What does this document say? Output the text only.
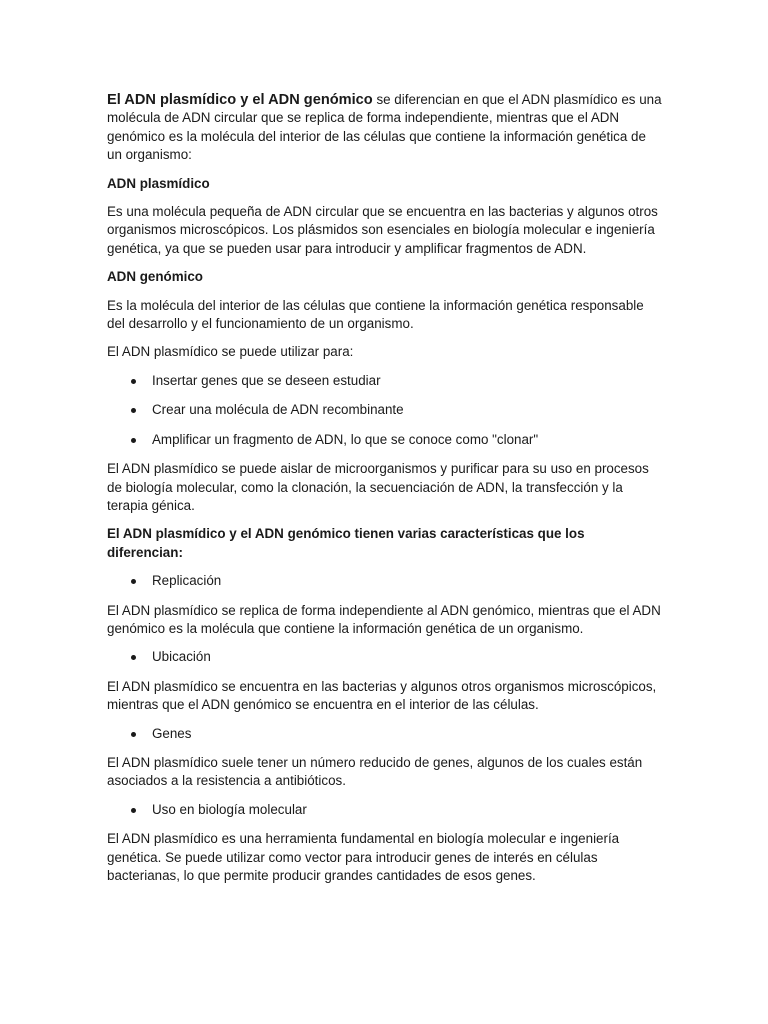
El ADN plasmídico y el ADN genómico se diferencian en que el ADN plasmídico es una molécula de ADN circular que se replica de forma independiente, mientras que el ADN genómico es la molécula del interior de las células que contiene la información genética de un organismo:

ADN plasmídico

Es una molécula pequeña de ADN circular que se encuentra en las bacterias y algunos otros organismos microscópicos. Los plásmidos son esenciales en biología molecular e ingeniería genética, ya que se pueden usar para introducir y amplificar fragmentos de ADN.

ADN genómico

Es la molécula del interior de las células que contiene la información genética responsable del desarrollo y el funcionamiento de un organismo.

El ADN plasmídico se puede utilizar para:

Insertar genes que se deseen estudiar
Crear una molécula de ADN recombinante
Amplificar un fragmento de ADN, lo que se conoce como "clonar"

El ADN plasmídico se puede aislar de microorganismos y purificar para su uso en procesos de biología molecular, como la clonación, la secuenciación de ADN, la transfección y la terapia génica.

El ADN plasmídico y el ADN genómico tienen varias características que los diferencian:

Replicación

El ADN plasmídico se replica de forma independiente al ADN genómico, mientras que el ADN genómico es la molécula que contiene la información genética de un organismo.

Ubicación

El ADN plasmídico se encuentra en las bacterias y algunos otros organismos microscópicos, mientras que el ADN genómico se encuentra en el interior de las células.

Genes

El ADN plasmídico suele tener un número reducido de genes, algunos de los cuales están asociados a la resistencia a antibióticos.

Uso en biología molecular

El ADN plasmídico es una herramienta fundamental en biología molecular e ingeniería genética. Se puede utilizar como vector para introducir genes de interés en células bacterianas, lo que permite producir grandes cantidades de esos genes.
